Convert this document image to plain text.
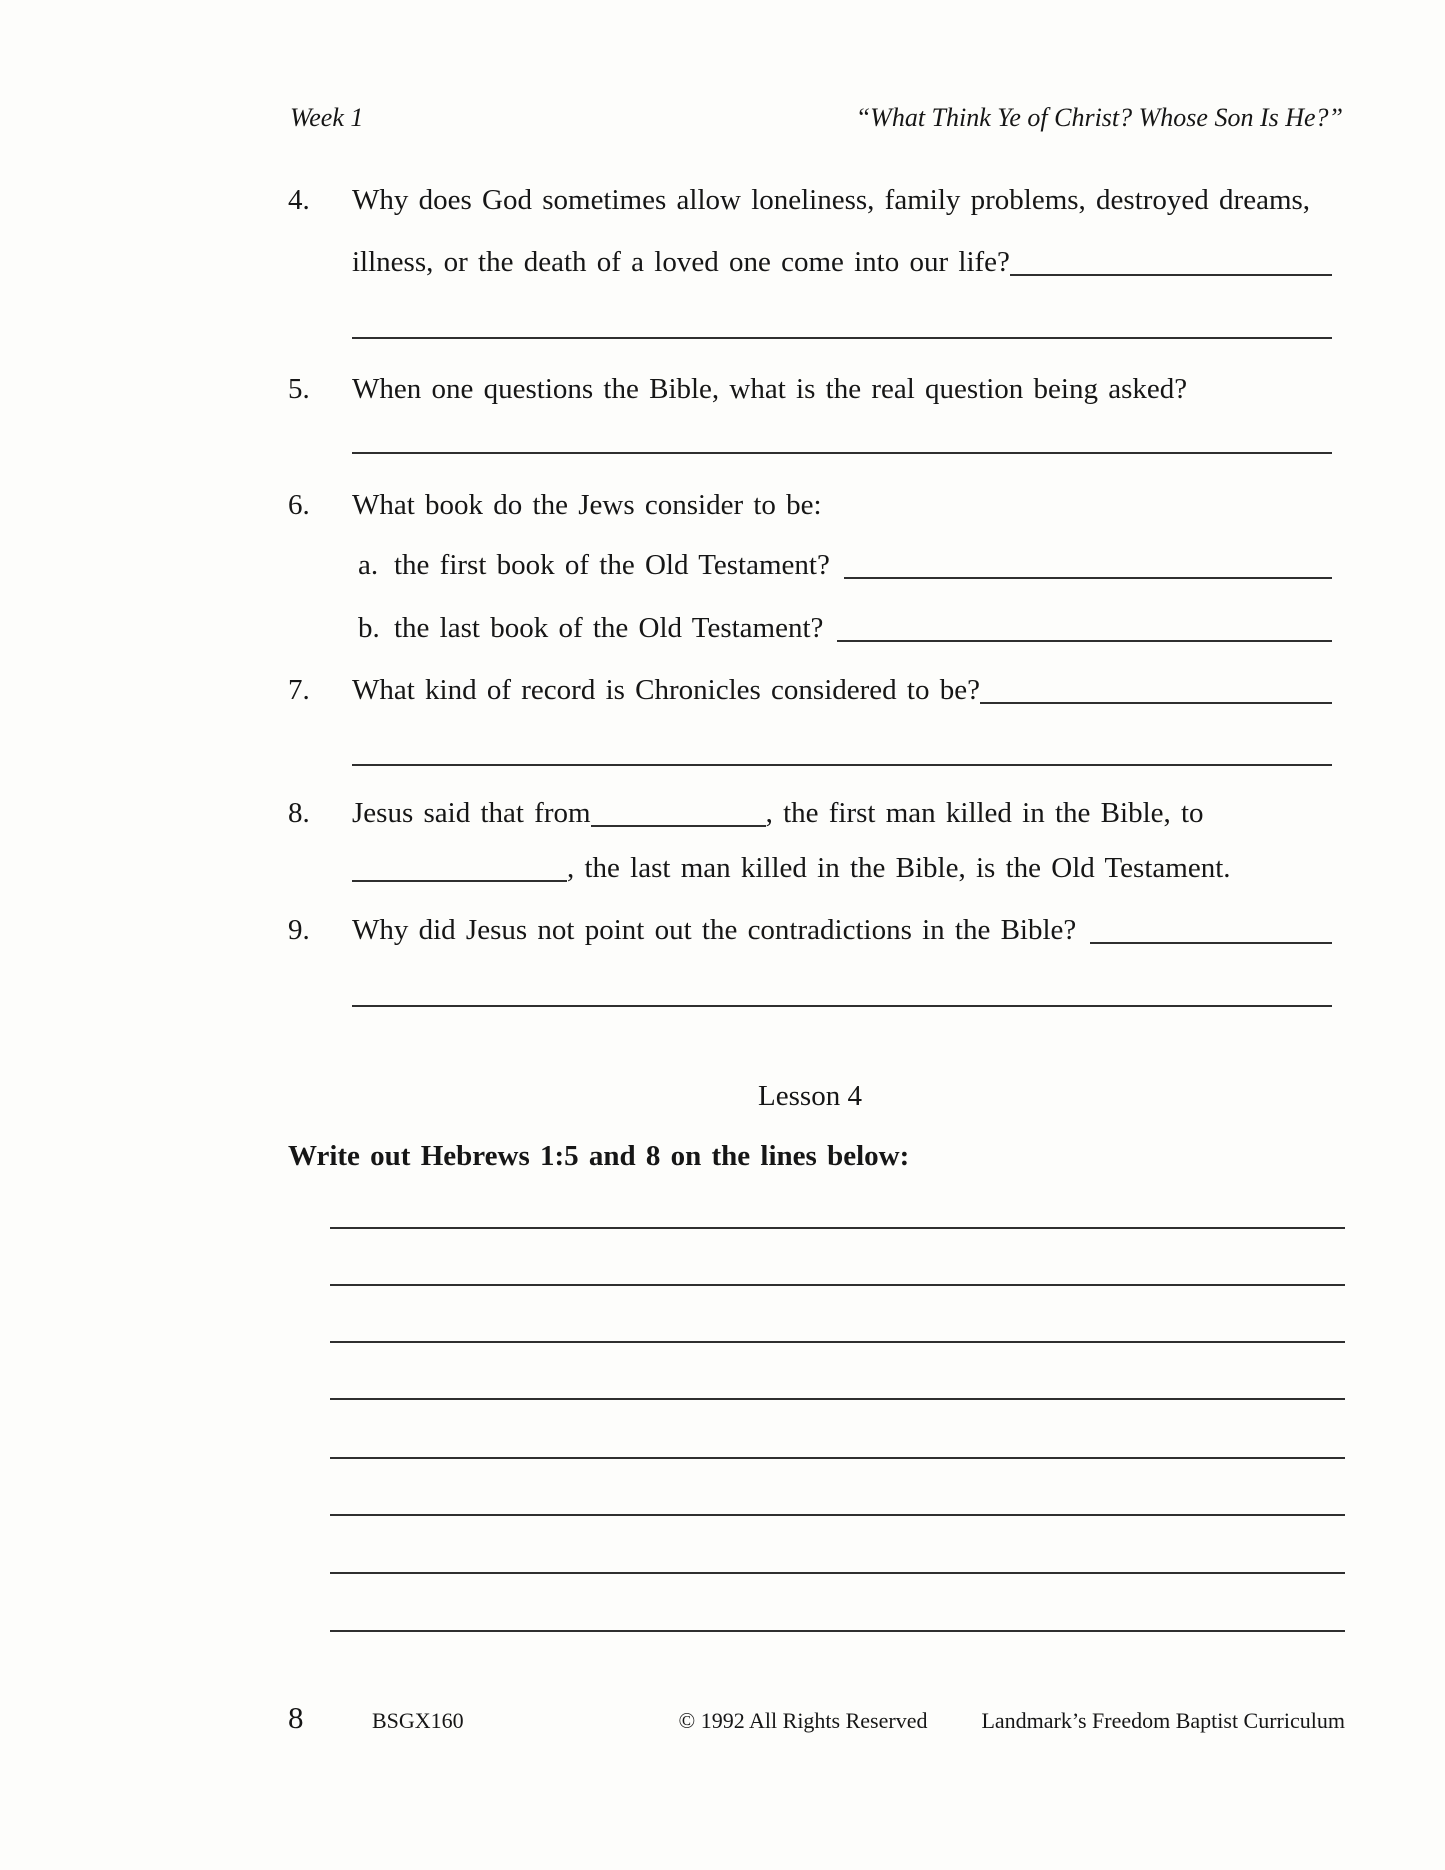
Week 1	“What Think Ye of Christ? Whose Son Is He?”
4.	Why does God sometimes allow loneliness, family problems, destroyed dreams,
illness, or the death of a loved one come into our life?
5.	When one questions the Bible, what is the real question being asked?
6.	What book do the Jews consider to be:
a. the first book of the Old Testament?
b. the last book of the Old Testament?
7.	What kind of record is Chronicles considered to be?
8.	Jesus said that from	, the first man killed in the Bible, to
, the last man killed in the Bible, is the Old Testament.
9.	Why did Jesus not point out the contradictions in the Bible?
Lesson 4
Write out Hebrews 1:5 and 8 on the lines below:
8	BSGX160	© 1992 All Rights Reserved	Landmark’s Freedom Baptist Curriculum
